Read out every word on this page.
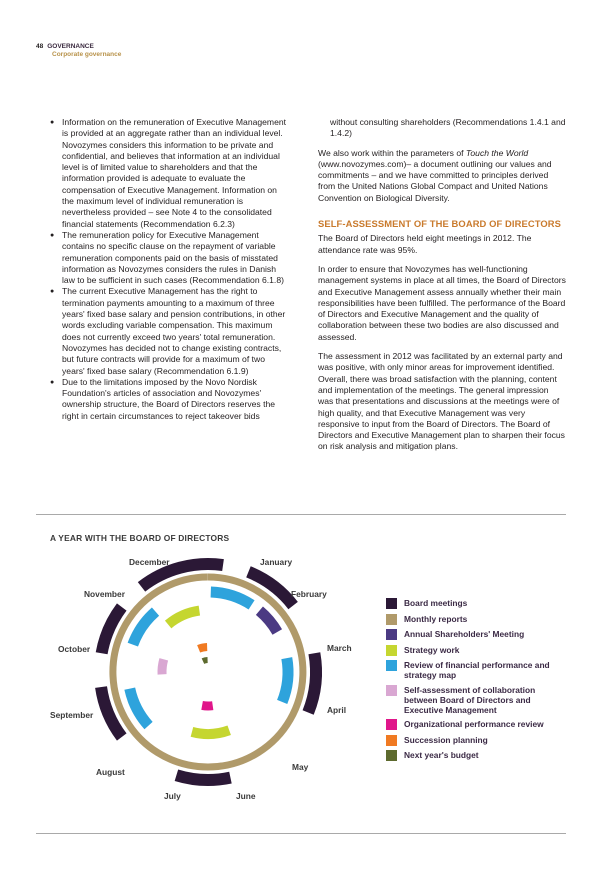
48 GOVERNANCE
Corporate governance
● Information on the remuneration of Executive Management is provided at an aggregate rather than an individual level. Novozymes considers this information to be private and confidential, and believes that information at an individual level is of limited value to shareholders and that the information provided is adequate to evaluate the compensation of Executive Management. Information on the maximum level of individual remuneration is nevertheless provided – see Note 4 to the consolidated financial statements (Recommendation 6.2.3)
● The remuneration policy for Executive Management contains no specific clause on the repayment of variable remuneration components paid on the basis of misstated information as Novozymes considers the rules in Danish law to be sufficient in such cases (Recommendation 6.1.8)
● The current Executive Management has the right to termination payments amounting to a maximum of three years' fixed base salary and pension contributions, in other words excluding variable compensation. This maximum does not currently exceed two years' total remuneration. Novozymes has decided not to change existing contracts, but future contracts will provide for a maximum of two years' fixed base salary (Recommendation 6.1.9)
● Due to the limitations imposed by the Novo Nordisk Foundation's articles of association and Novozymes' ownership structure, the Board of Directors reserves the right in certain circumstances to reject takeover bids

without consulting shareholders (Recommendations 1.4.1 and 1.4.2)

We also work within the parameters of Touch the World (www.novozymes.com)– a document outlining our values and commitments – and we have committed to principles derived from the United Nations Global Compact and United Nations Convention on Biological Diversity.

SELF-ASSESSMENT OF THE BOARD OF DIRECTORS

The Board of Directors held eight meetings in 2012. The attendance rate was 95%.

In order to ensure that Novozymes has well-functioning management systems in place at all times, the Board of Directors and Executive Management assess annually whether their main responsibilities have been fulfilled. The performance of the Board of Directors and Executive Management and the quality of collaboration between these two bodies are also discussed and assessed.

The assessment in 2012 was facilitated by an external party and was positive, with only minor areas for improvement identified. Overall, there was broad satisfaction with the planning, content and implementation of the meetings. The general impression was that presentations and discussions at the meetings were of high quality, and that Executive Management was very responsive to input from the Board of Directors. The Board of Directors and Executive Management plan to sharpen their focus on risk analysis and mitigation plans.

A YEAR WITH THE BOARD OF DIRECTORS
January
February
March
April
May
June
July
August
September
October
November
December
Board meetings
Monthly reports
Annual Shareholders' Meeting
Strategy work
Review of financial performance and strategy map
Self-assessment of collaboration between Board of Directors and Executive Management
Organizational performance review
Succession planning
Next year's budget
